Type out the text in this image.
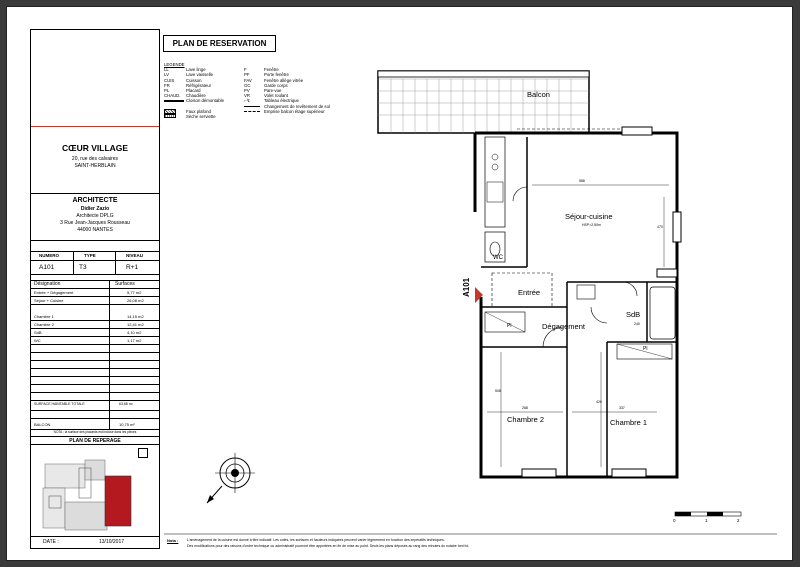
CŒUR VILLAGE
20, rue des calvaires
SAINT-HERBLAIN
ARCHITECTE
Didier Zazio
Architecte DPLG
3 Rue Jean-Jacques Rousseau
44000 NANTES
NUMERO	TYPE	NIVEAU
A101	T3	R+1
Désignation	Surfaces
Entrée + Dégagement	5,77 m2
Séjour + Cuisine	26,08 m2
Chambre 1	14,15 m2
Chambre 2	12,41 m2
SdB	4,10 m2
WC	1,17 m2
SURFACE HABITABLE TOTALE	63,68 m²
BALCON	10,75 m²
NOTA : la surface des placards est incluse dans les pièces
PLAN DE REPERAGE
DATE :	13/10/2017
PLAN DE RESERVATION
LEGENDE
LL	Lave linge	F	Fenêtre
LV	Lave vaisselle	PF	Porte fenêtre
CUIS	Cuisson	FAV	Fenêtre allège vitrée
FR	Réfrigérateur	GC	Garde corps
PL	Placard	PV	Pare-vue
CHAUD. Chaudière	VR	Volet roulant
Cloison démontable	⌐↯	Tableau électrique
Changement de revêtement de sol
Faux plafond	Emprise balcon étage supérieur
Sèche serviette
Balcon
Séjour-cuisine
HSP=2,50m
WC
Entrée
Dégagement
SdB
Chambre 1
Chambre 2
Pl
Pl
A101
588
470
268	337
240
508
420
0	1	2
Nota : L'aménagement de la cuisine est donné à titre indicatif. Les cotes, les surfaces et hauteurs indiquées peuvent varier légèrement en fonction des impératifs techniques.
Des modifications pour des raisons d'ordre technique ou administratif pourront être apportées en fin de mise au point. Seuls les plans déposés au rang des minutes du notaire font foi.
